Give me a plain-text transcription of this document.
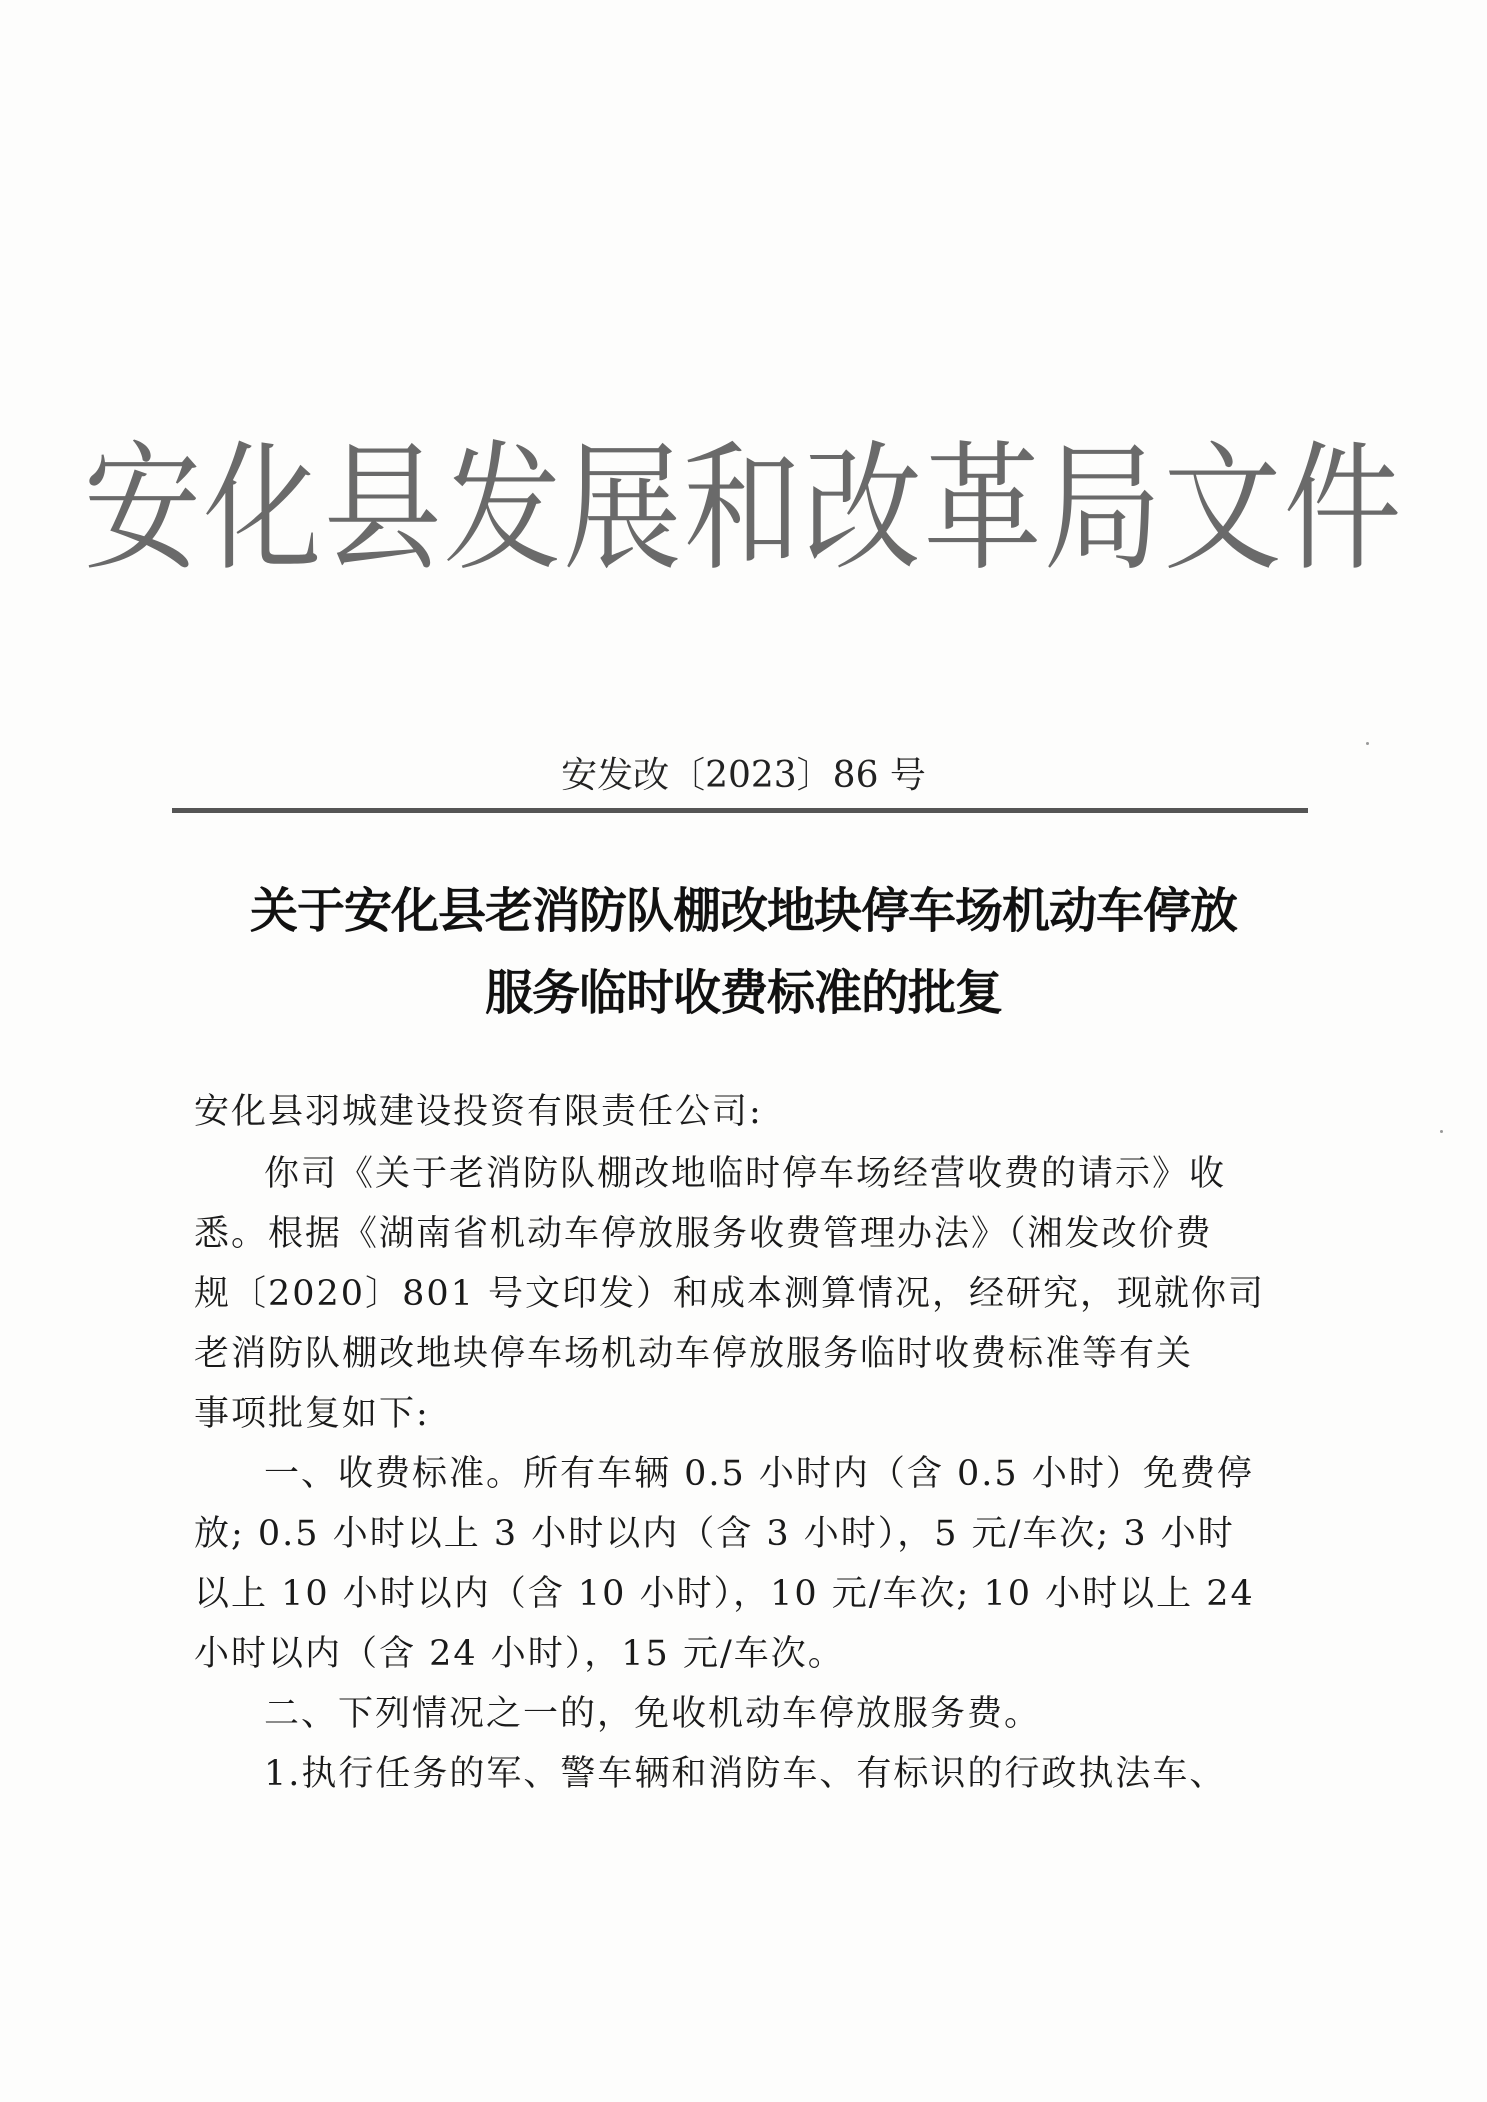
安化县发展和改革局文件
安发改〔2023〕86 号
关于安化县老消防队棚改地块停车场机动车停放
服务临时收费标准的批复

安化县羽城建设投资有限责任公司:

你司《关于老消防队棚改地临时停车场经营收费的请示》收
悉。根据《湖南省机动车停放服务收费管理办法》（湘发改价费
规〔2020〕801 号文印发）和成本测算情况，经研究，现就你司
老消防队棚改地块停车场机动车停放服务临时收费标准等有关
事项批复如下:

一、收费标准。所有车辆 0.5 小时内（含 0.5 小时）免费停
放; 0.5 小时以上 3 小时以内（含 3 小时），5 元/车次; 3 小时
以上 10 小时以内（含 10 小时），10 元/车次; 10 小时以上 24
小时以内（含 24 小时），15 元/车次。

二、下列情况之一的，免收机动车停放服务费。

1.执行任务的军、警车辆和消防车、有标识的行政执法车、
